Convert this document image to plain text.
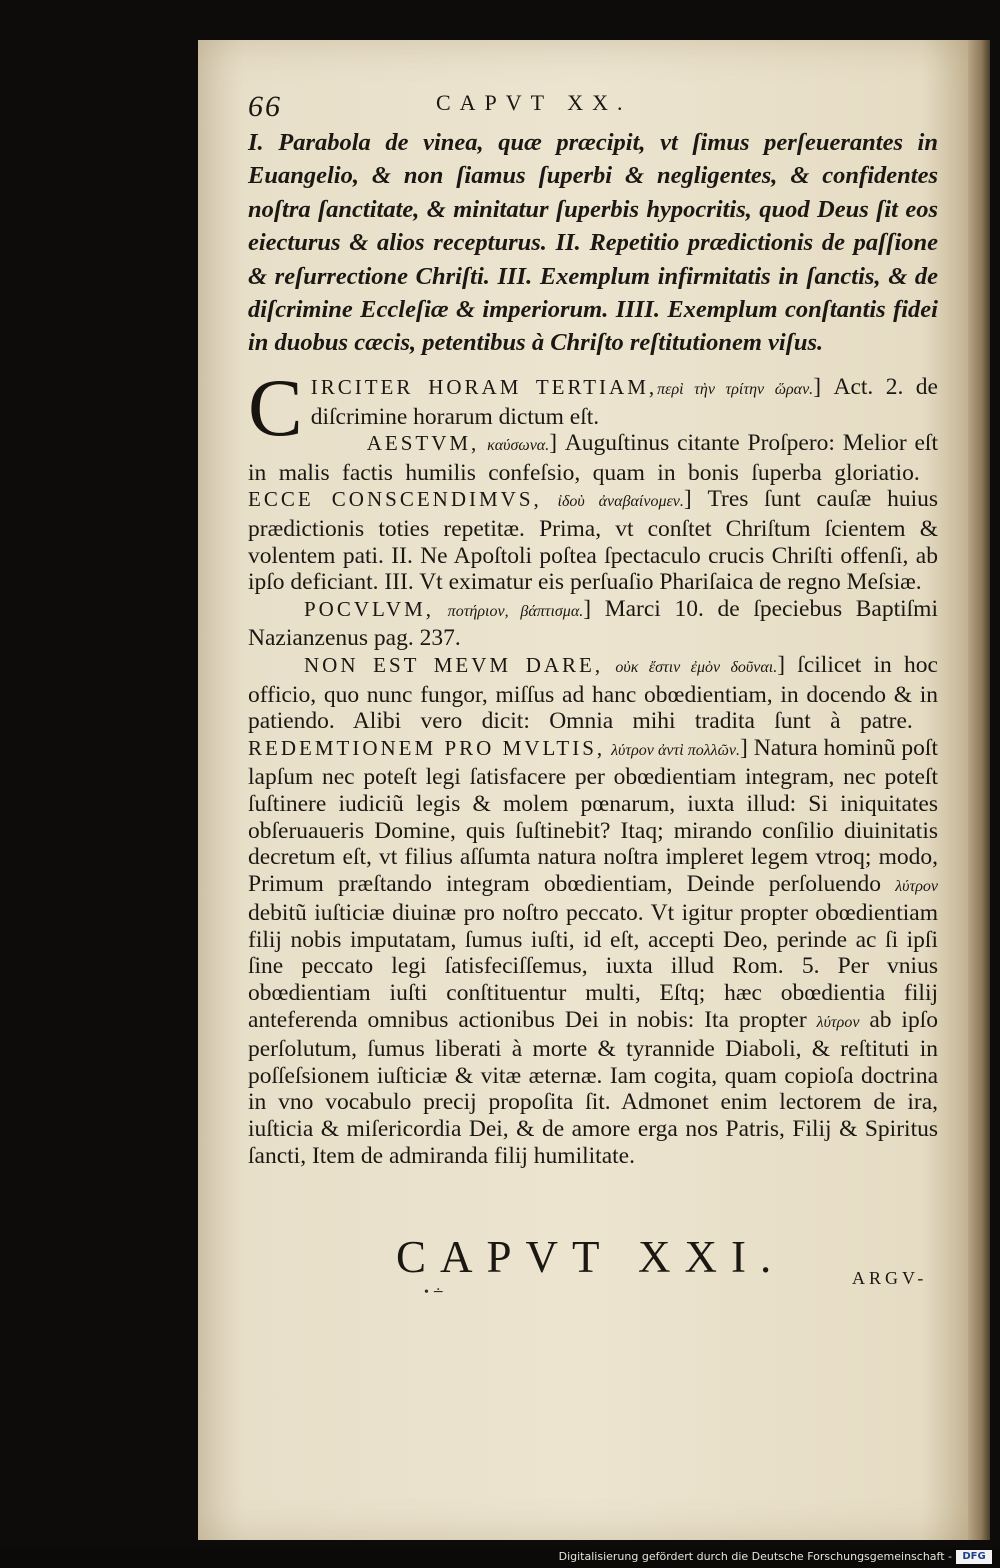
66	CAPVT XX.
I. Parabola de vinea, quæ præcipit, vt ſimus perſeuerantes in Euangelio, & non ſiamus ſuperbi & negligentes, & confidentes noſtra ſanctitate, & minitatur ſuperbis hypocritis, quod Deus ſit eos eiecturus & alios recepturus. II. Repetitio prædictionis de paſſione & reſurrectione Chriſti. III. Exemplum infirmitatis in ſanctis, & de diſcrimine Eccleſiæ & imperiorum. IIII. Exemplum conſtantis fidei in duobus cæcis, petentibus à Chriſto reſtitutionem viſus.

CIRCITER HORAM TERTIAM,περὶ τὴν τρίτην ὥραν.] Act. 2. de diſcrimine horarum dictum eſt.

AESTVM, καύσωνα.] Auguſtinus citante Proſpero: Melior eſt in malis factis humilis confeſsio, quam in bonis ſuperba gloriatio.   ECCE CONSCENDIMVS, ἰδοὺ ἀναβαίνομεν.] Tres ſunt cauſæ huius prædictionis toties repetitæ. Prima, vt conſtet Chriſtum ſcientem & volentem pati. II. Ne Apoſtoli poſtea ſpectaculo crucis Chriſti offenſi, ab ipſo deficiant. III. Vt eximatur eis perſuaſio Phariſaica de regno Meſsiæ.

POCVLVM, ποτήριον, βάπτισμα.] Marci 10. de ſpeciebus Baptiſmi Nazianzenus pag. 237.

NON EST MEVM DARE, οὐκ ἔστιν ἐμὸν δοῦναι.] ſcilicet in hoc officio, quo nunc fungor, miſſus ad hanc obœdientiam, in docendo & in patiendo. Alibi vero dicit: Omnia mihi tradita ſunt à patre.   REDEMTIONEM PRO MVLTIS, λύτρον ἀντὶ πολλῶν.] Natura hominũ poſt lapſum nec poteſt legi ſatisfacere per obœdientiam integram, nec poteſt ſuſtinere iudiciũ legis & molem pœnarum, iuxta illud: Si iniquitates obſeruaueris Domine, quis ſuſtinebit? Itaq; mirando conſilio diuinitatis decretum eſt, vt filius aſſumta natura noſtra impleret legem vtroq; modo, Primum præſtando integram obœdientiam, Deinde perſoluendo λύτρον debitũ iuſticiæ diuinæ pro noſtro peccato. Vt igitur propter obœdientiam filij nobis imputatam, ſumus iuſti, id eſt, accepti Deo, perinde ac ſi ipſi ſine peccato legi ſatisfeciſſemus, iuxta illud Rom. 5. Per vnius obœdientiam iuſti conſtituentur multi, Eſtq; hæc obœdientia filij anteferenda omnibus actionibus Dei in nobis: Ita propter λύτρον ab ipſo perſolutum, ſumus liberati à morte & tyrannide Diaboli, & reſtituti in poſſeſsionem iuſticiæ & vitæ æternæ. Iam cogita, quam copioſa doctrina in vno vocabulo precij propoſita ſit. Admonet enim lectorem de ira, iuſticia & miſericordia Dei, & de amore erga nos Patris, Filij & Spiritus ſancti, Item de admiranda filij humilitate.

CAPVT XXI.	ARGV-
• ∸
Digitalisierung gefördert durch die Deutsche Forschungsgemeinschaft -	DFG
